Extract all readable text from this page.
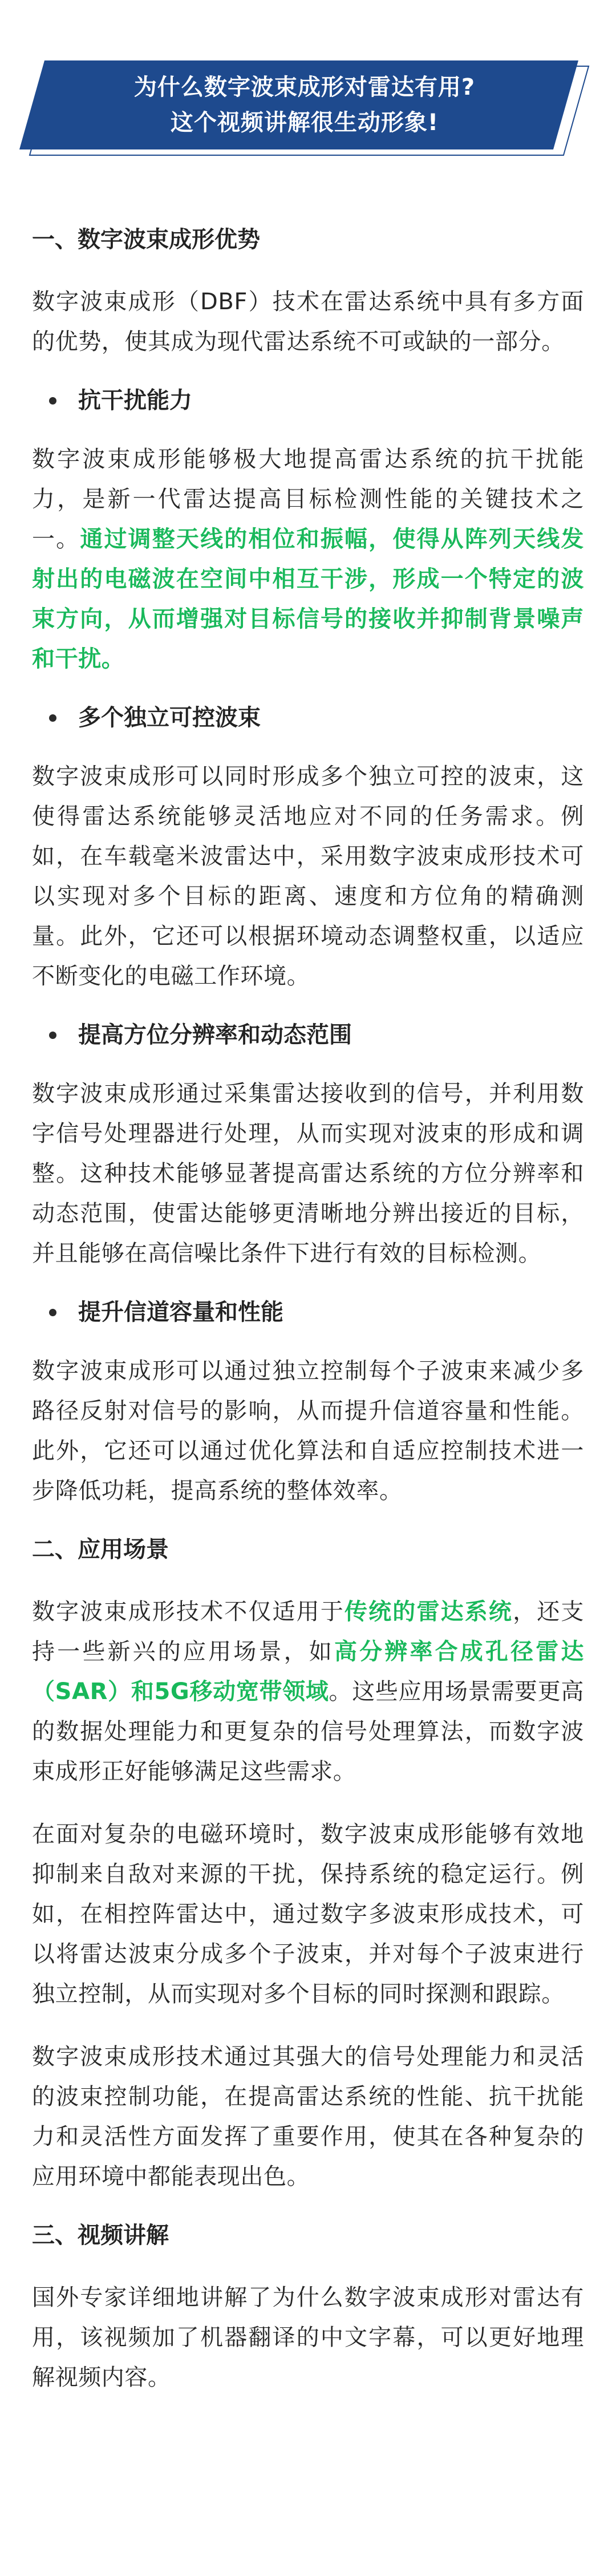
为什么数字波束成形对雷达有用?
这个视频讲解很生动形象!
一、数字波束成形优势

数字波束成形（DBF）技术在雷达系统中具有多方面的优势，使其成为现代雷达系统不可或缺的一部分。

抗干扰能力

数字波束成形能够极大地提高雷达系统的抗干扰能力，是新一代雷达提高目标检测性能的关键技术之一。通过调整天线的相位和振幅，使得从阵列天线发射出的电磁波在空间中相互干涉，形成一个特定的波束方向，从而增强对目标信号的接收并抑制背景噪声和干扰。

多个独立可控波束

数字波束成形可以同时形成多个独立可控的波束，这使得雷达系统能够灵活地应对不同的任务需求。例如，在车载毫米波雷达中，采用数字波束成形技术可以实现对多个目标的距离、速度和方位角的精确测量。此外，它还可以根据环境动态调整权重，以适应不断变化的电磁工作环境。

提高方位分辨率和动态范围

数字波束成形通过采集雷达接收到的信号，并利用数字信号处理器进行处理，从而实现对波束的形成和调整。这种技术能够显著提高雷达系统的方位分辨率和动态范围，使雷达能够更清晰地分辨出接近的目标，并且能够在高信噪比条件下进行有效的目标检测。

提升信道容量和性能

数字波束成形可以通过独立控制每个子波束来减少多路径反射对信号的影响，从而提升信道容量和性能。此外，它还可以通过优化算法和自适应控制技术进一步降低功耗，提高系统的整体效率。

二、应用场景

数字波束成形技术不仅适用于传统的雷达系统，还支持一些新兴的应用场景，如高分辨率合成孔径雷达（SAR）和5G移动宽带领域。这些应用场景需要更高的数据处理能力和更复杂的信号处理算法，而数字波束成形正好能够满足这些需求。

在面对复杂的电磁环境时，数字波束成形能够有效地抑制来自敌对来源的干扰，保持系统的稳定运行。例如，在相控阵雷达中，通过数字多波束形成技术，可以将雷达波束分成多个子波束，并对每个子波束进行独立控制，从而实现对多个目标的同时探测和跟踪。

数字波束成形技术通过其强大的信号处理能力和灵活的波束控制功能，在提高雷达系统的性能、抗干扰能力和灵活性方面发挥了重要作用，使其在各种复杂的应用环境中都能表现出色。

三、视频讲解

国外专家详细地讲解了为什么数字波束成形对雷达有用，该视频加了机器翻译的中文字幕，可以更好地理解视频内容。
